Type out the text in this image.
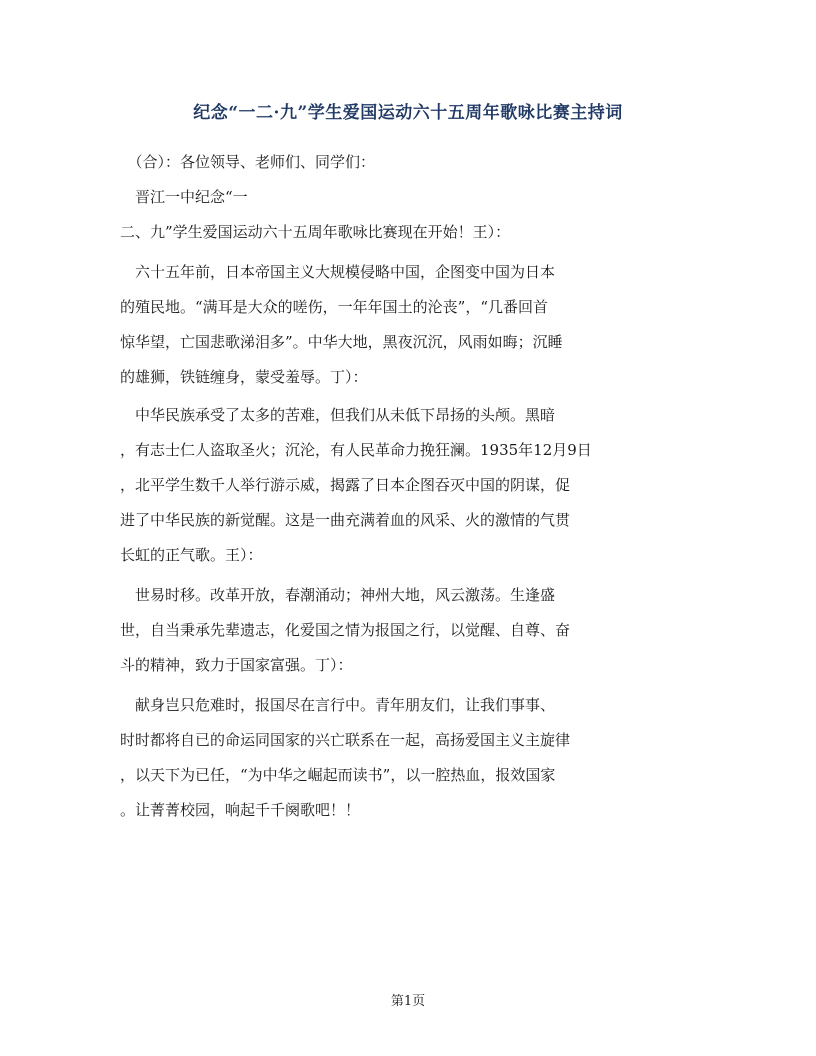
纪念“一二·九”学生爱国运动六十五周年歌咏比赛主持词
　（合）：各位领导、老师们、同学们：
　晋江一中纪念“一
二、九”学生爱国运动六十五周年歌咏比赛现在开始！王）：
　六十五年前，日本帝国主义大规模侵略中国，企图变中国为日本
的殖民地。“满耳是大众的嗟伤，一年年国土的沦丧”，“几番回首
惊华望，亡国悲歌涕泪多”。中华大地，黑夜沉沉，风雨如晦；沉睡
的雄狮，铁链缠身，蒙受羞辱。丁）：
　中华民族承受了太多的苦难，但我们从未低下昂扬的头颅。黑暗
，有志士仁人盗取圣火；沉沦，有人民革命力挽狂澜。1935年12月9日
，北平学生数千人举行游示威，揭露了日本企图吞灭中国的阴谋，促
进了中华民族的新觉醒。这是一曲充满着血的风采、火的激情的气贯
长虹的正气歌。王）：
　世易时移。改革开放，春潮涌动；神州大地，风云激荡。生逢盛
世，自当秉承先辈遗志，化爱国之情为报国之行，以觉醒、自尊、奋
斗的精神，致力于国家富强。丁）：
　献身岂只危难时，报国尽在言行中。青年朋友们，让我们事事、
时时都将自已的命运同国家的兴亡联系在一起，高扬爱国主义主旋律
，以天下为已任，“为中华之崛起而读书”，以一腔热血，报效国家
。让菁菁校园，响起千千阕歌吧！！
第1页
